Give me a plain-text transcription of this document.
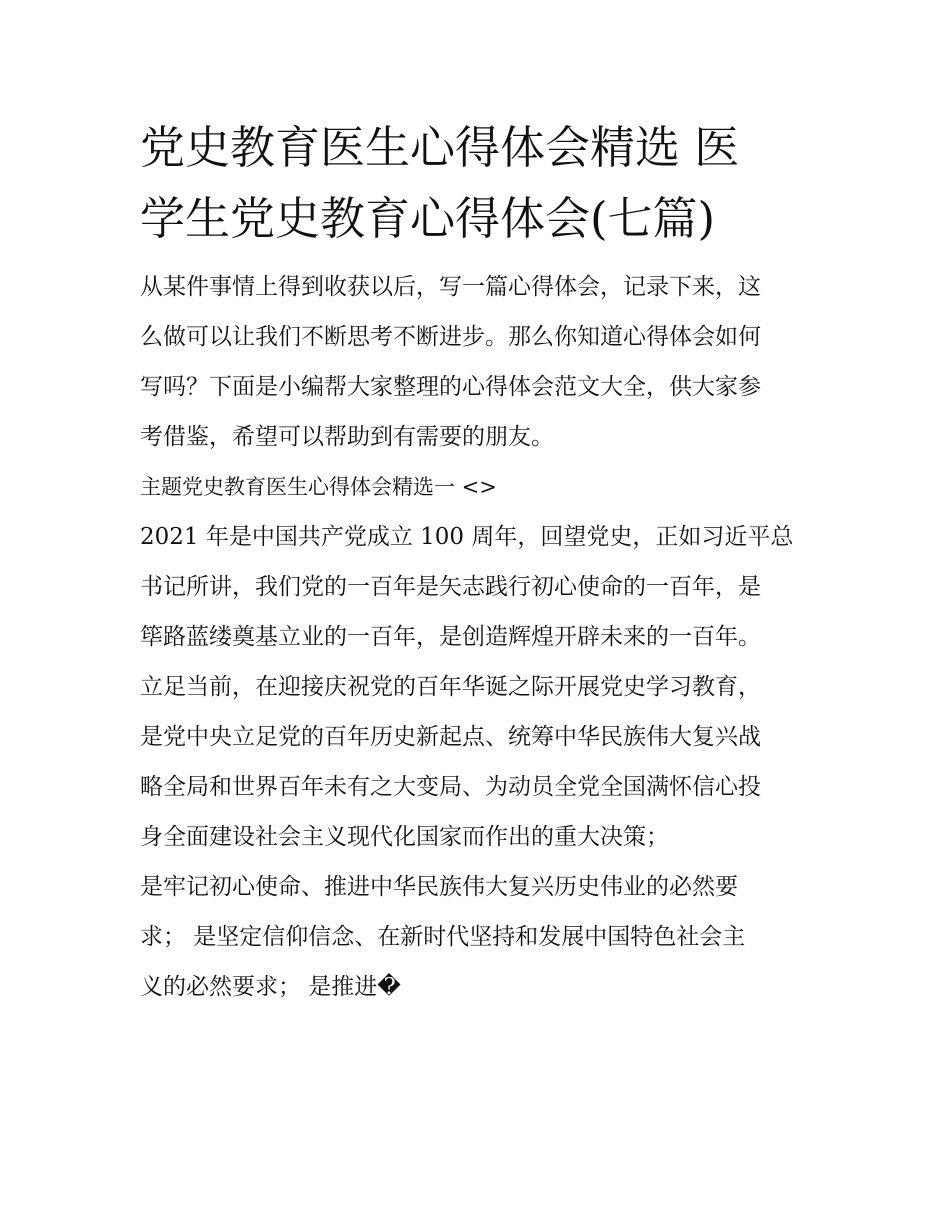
党史教育医生心得体会精选 医
学生党史教育心得体会(七篇)

从某件事情上得到收获以后，写一篇心得体会，记录下来，这
么做可以让我们不断思考不断进步。那么你知道心得体会如何
写吗？下面是小编帮大家整理的心得体会范文大全，供大家参
考借鉴，希望可以帮助到有需要的朋友。

主题党史教育医生心得体会精选一 <>

2021 年是中国共产党成立 100 周年，回望党史，正如习近平总
书记所讲，我们党的一百年是矢志践行初心使命的一百年，是
筚路蓝缕奠基立业的一百年，是创造辉煌开辟未来的一百年。
立足当前，在迎接庆祝党的百年华诞之际开展党史学习教育，
是党中央立足党的百年历史新起点、统筹中华民族伟大复兴战
略全局和世界百年未有之大变局、为动员全党全国满怀信心投
身全面建设社会主义现代化国家而作出的重大决策；

是牢记初心使命、推进中华民族伟大复兴历史伟业的必然要
求； 是坚定信仰信念、在新时代坚持和发展中国特色社会主
义的必然要求； 是推进�
